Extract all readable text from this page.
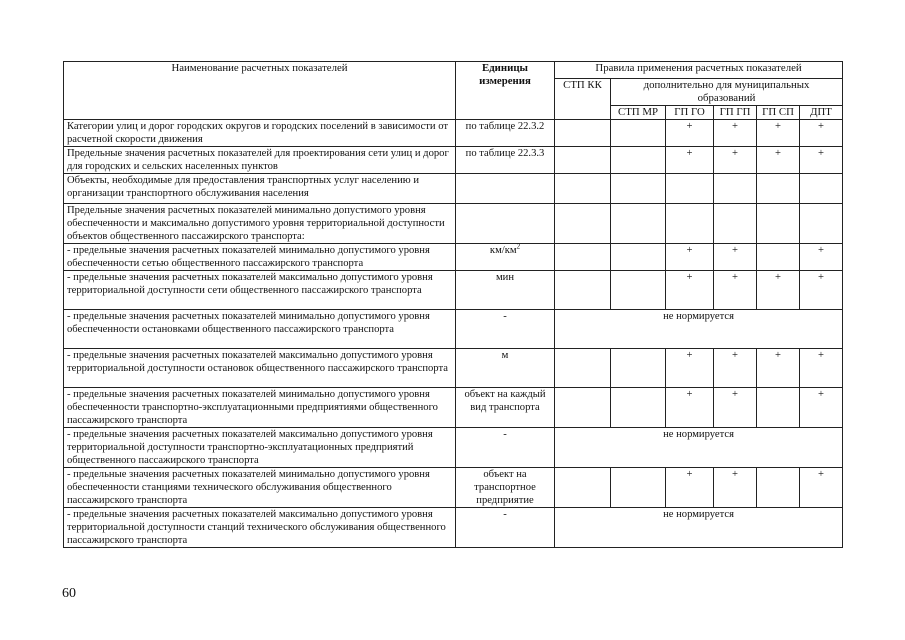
Наименование расчетных показателей	Единицы измерения	Правила применения расчетных показателей					
		СТП КК	дополнительно для муниципальных образований				
			СТП МР	ГП ГО	ГП ГП	ГП СП	ДПТ
Категории улиц и дорог городских округов и городских поселений в зависимости от расчетной скорости движения	по таблице 22.3.2			+	+	+	+
Предельные значения расчетных показателей для проектирования сети улиц и дорог для городских и сельских населенных пунктов	по таблице 22.3.3			+	+	+	+
Объекты, необходимые для предоставления транспортных услуг населению и организации транспортного обслуживания населения							
Предельные значения расчетных показателей минимально допустимого уровня обеспеченности и максимально допустимого уровня территориальной доступности объектов общественного пассажирского транспорта:							
- предельные значения расчетных показателей минимально допустимого уровня обеспеченности сетью общественного пассажирского транспорта	$км/км^2$			+	+		+
- предельные значения расчетных показателей максимально допустимого уровня территориальной доступности сети общественного пассажирского транспорта	мин			+	+	+	+
- предельные значения расчетных показателей минимально допустимого уровня обеспеченности остановками общественного пассажирского транспорта	-	не нормируется					
- предельные значения расчетных показателей максимально допустимого уровня территориальной доступности остановок общественного пассажирского транспорта	м			+	+	+	+
- предельные значения расчетных показателей минимально допустимого уровня обеспеченности транспортно-эксплуатационными предприятиями общественного пассажирского транспорта	объект на каждый вид транспорта			+	+		+
- предельные значения расчетных показателей максимально допустимого уровня территориальной доступности транспортно-эксплуатационных предприятий общественного пассажирского транспорта	-	не нормируется					
- предельные значения расчетных показателей минимально допустимого уровня обеспеченности станциями технического обслуживания общественного пассажирского транспорта	объект на транспортное предприятие			+	+		+
- предельные значения расчетных показателей максимально допустимого уровня территориальной доступности станций технического обслуживания общественного пассажирского транспорта	-	не нормируется					
60
